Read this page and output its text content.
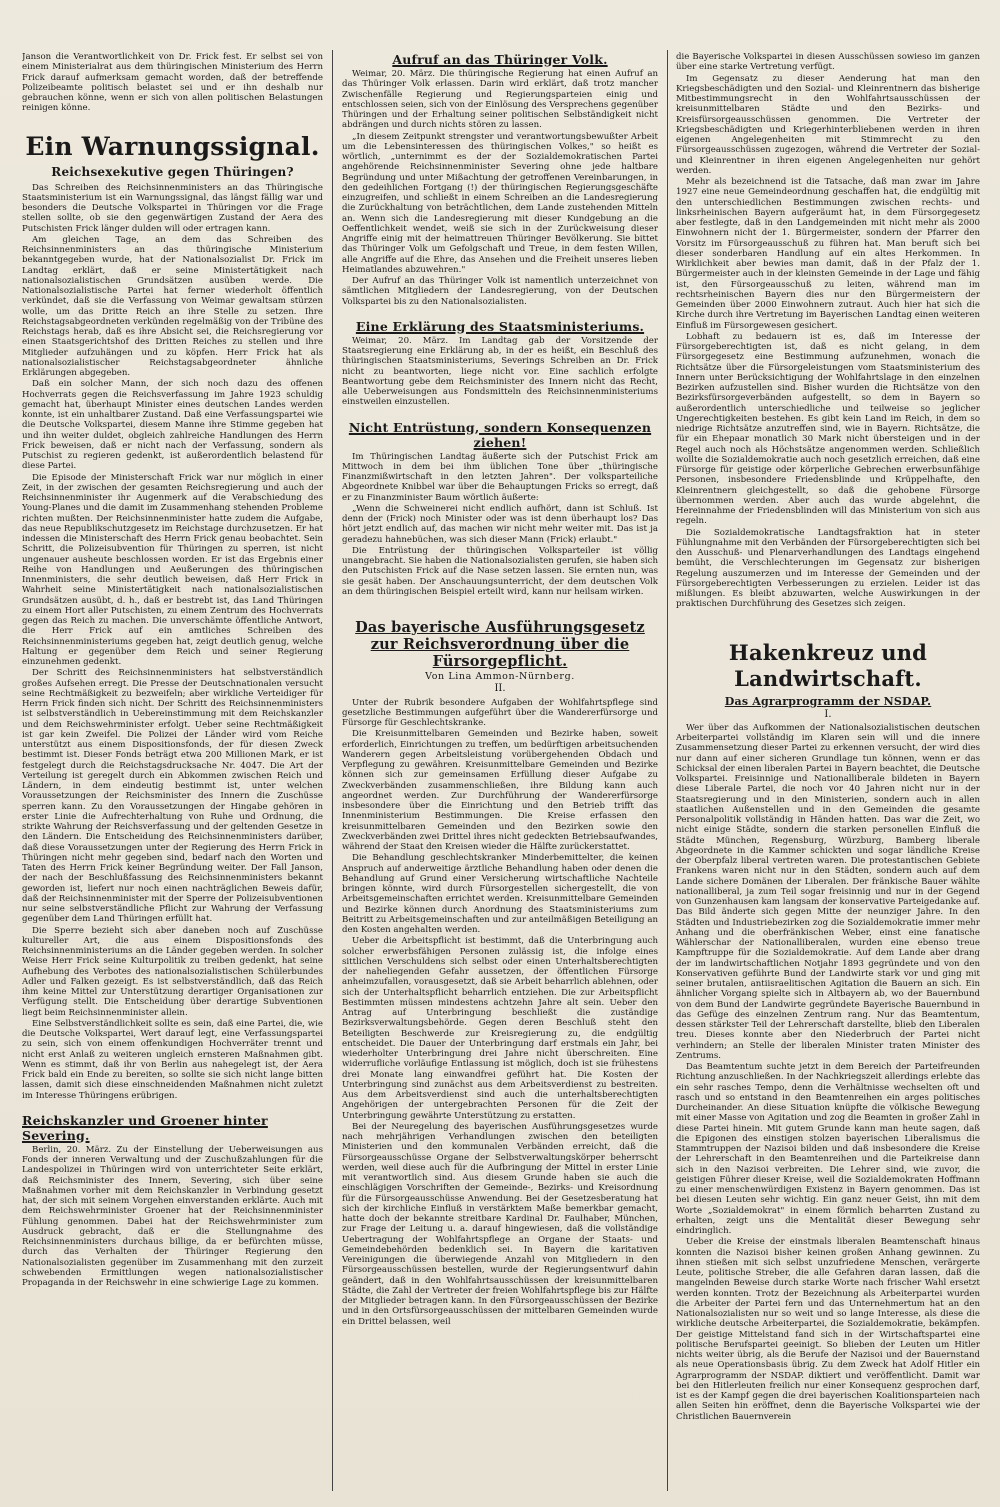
Janson die Verantwortlichkeit von Dr. Frick fest. Er selbst sei von einem Ministerialrat aus dem thüringischen Ministerium des Herrn Frick darauf aufmerksam gemacht worden, daß der betreffende Polizeibeamte politisch belastet sei und er ihn deshalb nur gebrauchen könne, wenn er sich von allen politischen Belastungen reinigen könne.

Ein Warnungssignal.
Reichsexekutive gegen Thüringen?

Das Schreiben des Reichsinnenministers an das Thüringische Staatsministerium ist ein Warnungssignal, das längst fällig war und besonders die Deutsche Volkspartei in Thüringen vor die Frage stellen sollte, ob sie den gegenwärtigen Zustand der Aera des Putschisten Frick länger dulden will oder ertragen kann.

Am gleichen Tage, an dem das Schreiben des Reichsinnenministers an das thüringische Ministerium bekanntgegeben wurde, hat der Nationalsozialist Dr. Frick im Landtag erklärt, daß er seine Ministertätigkeit nach nationalsozialistischen Grundsätzen ausüben werde. Die Nationalsozialistische Partei hat ferner wiederholt öffentlich verkündet, daß sie die Verfassung von Weimar gewaltsam stürzen wolle, um das Dritte Reich an ihre Stelle zu setzen. Ihre Reichstagsabgeordneten verkünden regelmäßig von der Tribüne des Reichstags herab, daß es ihre Absicht sei, die Reichsregierung vor einen Staatsgerichtshof des Dritten Reiches zu stellen und ihre Mitglieder aufzuhängen und zu köpfen. Herr Frick hat als nationalsozialistischer Reichstagsabgeordneter ähnliche Erklärungen abgegeben.

Daß ein solcher Mann, der sich noch dazu des offenen Hochverrats gegen die Reichsverfassung im Jahre 1923 schuldig gemacht hat, überhaupt Minister eines deutschen Landes werden konnte, ist ein unhaltbarer Zustand. Daß eine Verfassungspartei wie die Deutsche Volkspartei, diesem Manne ihre Stimme gegeben hat und ihn weiter duldet, obgleich zahlreiche Handlungen des Herrn Frick beweisen, daß er nicht nach der Verfassung, sondern als Putschist zu regieren gedenkt, ist außerordentlich belastend für diese Partei.

Die Episode der Ministerschaft Frick war nur möglich in einer Zeit, in der zwischen der gesamten Reichsregierung und auch der Reichsinnenminister ihr Augenmerk auf die Verabschiedung des Young-Planes und die damit im Zusammenhang stehenden Probleme richten mußten. Der Reichsinnenminister hatte zudem die Aufgabe, das neue Republikschutzgesetz im Reichstage durchzusetzen. Er hat indessen die Ministerschaft des Herrn Frick genau beobachtet. Sein Schritt, die Polizeisubvention für Thüringen zu sperren, ist nicht ungenauer ausheute beschlossen worden. Er ist das Ergebnis einer Reihe von Handlungen und Aeußerungen des thüringischen Innenministers, die sehr deutlich beweisen, daß Herr Frick in Wahrheit seine Ministertätigkeit nach nationalsozialistischen Grundsätzen ausübt, d. h., daß er bestrebt ist, das Land Thüringen zu einem Hort aller Putschisten, zu einem Zentrum des Hochverrats gegen das Reich zu machen. Die unverschämte öffentliche Antwort, die Herr Frick auf ein amtliches Schreiben des Reichsinnenministeriums gegeben hat, zeigt deutlich genug, welche Haltung er gegenüber dem Reich und seiner Regierung einzunehmen gedenkt.

Der Schritt des Reichsinnenministers hat selbstverständlich großes Aufsehen erregt. Die Presse der Deutschnationalen versucht seine Rechtmäßigkeit zu bezweifeln; aber wirkliche Verteidiger für Herrn Frick finden sich nicht. Der Schritt des Reichsinnenministers ist selbstverständlich in Uebereinstimmung mit dem Reichskanzler und dem Reichswehrminister erfolgt. Ueber seine Rechtmäßigkeit ist gar kein Zweifel. Die Polizei der Länder wird vom Reiche unterstützt aus einem Dispositionsfonds, der für diesen Zweck bestimmt ist. Dieser Fonds beträgt etwa 200 Millionen Mark, er ist festgelegt durch die Reichstagsdrucksache Nr. 4047. Die Art der Verteilung ist geregelt durch ein Abkommen zwischen Reich und Ländern, in dem eindeutig bestimmt ist, unter welchen Voraussetzungen der Reichsminister des Innern die Zuschüsse sperren kann. Zu den Voraussetzungen der Hingabe gehören in erster Linie die Aufrechterhaltung von Ruhe und Ordnung, die strikte Wahrung der Reichsverfassung und der geltenden Gesetze in den Ländern. Die Entscheidung des Reichsinnenministers darüber, daß diese Voraussetzungen unter der Regierung des Herrn Frick in Thüringen nicht mehr gegeben sind, bedarf nach den Worten und Taten des Herrn Frick keiner Begründung weiter. Der Fall Janson, der nach der Beschlußfassung des Reichsinnenministers bekannt geworden ist, liefert nur noch einen nachträglichen Beweis dafür, daß der Reichsinnenminister mit der Sperre der Polizeisubventionen nur seine selbstverständliche Pflicht zur Wahrung der Verfassung gegenüber dem Land Thüringen erfüllt hat.

Die Sperre bezieht sich aber daneben noch auf Zuschüsse kultureller Art, die aus einem Dispositionsfonds des Reichsinnenministeriums an die Länder gegeben werden. In solcher Weise Herr Frick seine Kulturpolitik zu treiben gedenkt, hat seine Aufhebung des Verbotes des nationalsozialistischen Schülerbundes Adler und Falken gezeigt. Es ist selbstverständlich, daß das Reich ihm keine Mittel zur Unterstützung derartiger Organisationen zur Verfügung stellt. Die Entscheidung über derartige Subventionen liegt beim Reichsinnenminister allein.

Eine Selbstverständlichkeit sollte es sein, daß eine Partei, die, wie die Deutsche Volkspartei, Wert darauf legt, eine Verfassungspartei zu sein, sich von einem offenkundigen Hochverräter trennt und nicht erst Anlaß zu weiteren ungleich ernsteren Maßnahmen gibt. Wenn es stimmt, daß ihr von Berlin aus nahegelegt ist, der Aera Frick bald ein Ende zu bereiten, so sollte sie sich nicht lange bitten lassen, damit sich diese einschneidenden Maßnahmen nicht zuletzt im Interesse Thüringens erübrigen.

Reichskanzler und Groener hinter Severing.

Berlin, 20. März. Zu der Einstellung der Ueberweisungen aus Fonds der inneren Verwaltung und der Zuschußzahlungen für die Landespolizei in Thüringen wird von unterrichteter Seite erklärt, daß Reichsminister des Innern, Severing, sich über seine Maßnahmen vorher mit dem Reichskanzler in Verbindung gesetzt hat, der sich mit seinem Vorgehen einverstanden erklärte. Auch mit dem Reichswehrminister Groener hat der Reichsinnenminister Fühlung genommen. Dabei hat der Reichswehrminister zum Ausdruck gebracht, daß er die Stellungnahme des Reichsinnenministers durchaus billige, da er befürchten müsse, durch das Verhalten der Thüringer Regierung den Nationalsozialisten gegenüber im Zusammenhang mit den zurzeit schwebenden Ermittlungen wegen nationalsozialistischer Propaganda in der Reichswehr in eine schwierige Lage zu kommen.

Aufruf an das Thüringer Volk.

Weimar, 20. März. Die thüringische Regierung hat einen Aufruf an das Thüringer Volk erlassen. Darin wird erklärt, daß trotz mancher Zwischenfälle Regierung und Regierungsparteien einig und entschlossen seien, sich von der Einlösung des Versprechens gegenüber Thüringen und der Erhaltung seiner politischen Selbständigkeit nicht abdrängen und durch nichts stören zu lassen.

„In diesem Zeitpunkt strengster und verantwortungsbewußter Arbeit um die Lebensinteressen des thüringischen Volkes," so heißt es wörtlich, „unternimmt es der der Sozialdemokratischen Partei angehörende Reichsinnenminister Severing ohne jede haltbare Begründung und unter Mißachtung der getroffenen Vereinbarungen, in den gedeihlichen Fortgang (!) der thüringischen Regierungsgeschäfte einzugreifen, und schließt in einem Schreiben an die Landesregierung die Zurückhaltung von beträchtlichen, dem Lande zustehenden Mitteln an. Wenn sich die Landesregierung mit dieser Kundgebung an die Oeffentlichkeit wendet, weiß sie sich in der Zurückweisung dieser Angriffe einig mit der heimattreuen Thüringer Bevölkerung. Sie bittet das Thüringer Volk um Gefolgschaft und Treue, in dem festen Willen, alle Angriffe auf die Ehre, das Ansehen und die Freiheit unseres lieben Heimatlandes abzuwehren."

Der Aufruf an das Thüringer Volk ist namentlich unterzeichnet von sämtlichen Mitgliedern der Landesregierung, von der Deutschen Volkspartei bis zu den Nationalsozialisten.

Eine Erklärung des Staatsministeriums.

Weimar, 20. März. Im Landtag gab der Vorsitzende der Staatsregierung eine Erklärung ab, in der es heißt, ein Beschluß des thüringischen Staatsministeriums, Severings Schreiben an Dr. Frick nicht zu beantworten, liege nicht vor. Eine sachlich erfolgte Beantwortung gebe dem Reichsminister des Innern nicht das Recht, alle Ueberweisungen aus Fondsmitteln des Reichsinnenministeriums einstweilen einzustellen.

Nicht Entrüstung, sondern Konsequenzen ziehen!

Im Thüringischen Landtag äußerte sich der Putschist Frick am Mittwoch in dem bei ihm üblichen Tone über „thüringische Finanzmißwirtschaft in den letzten Jahren". Der volksparteiliche Abgeordnete Knibbel war über die Behauptungen Fricks so erregt, daß er zu Finanzminister Baum wörtlich äußerte:

„Wenn die Schweinerei nicht endlich aufhört, dann ist Schluß. Ist denn der (Frick) noch Minister oder was ist denn überhaupt los? Das hört jetzt endlich auf, das machen wir nicht mehr weiter mit. Das ist ja geradezu hahnebüchen, was sich dieser Mann (Frick) erlaubt."

Die Entrüstung der thüringischen Volksparteiler ist völlig unangebracht. Sie haben die Nationalsozialisten gerufen, sie haben sich den Putschisten Frick auf die Nase setzen lassen. Sie ernten nun, was sie gesät haben. Der Anschauungsunterricht, der dem deutschen Volk an dem thüringischen Beispiel erteilt wird, kann nur heilsam wirken.

Das bayerische Ausführungsgesetz zur Reichsverordnung über die Fürsorgepflicht.
Von Lina Ammon-Nürnberg.
II.

Unter der Rubrik besondere Aufgaben der Wohlfahrtspflege sind gesetzliche Bestimmungen aufgeführt über die Wandererfürsorge und Fürsorge für Geschlechtskranke.

Die Kreisunmittelbaren Gemeinden und Bezirke haben, soweit erforderlich, Einrichtungen zu treffen, um bedürftigen arbeitsuchenden Wanderern gegen Arbeitsleistung vorübergehenden Obdach und Verpflegung zu gewähren. Kreisunmittelbare Gemeinden und Bezirke können sich zur gemeinsamen Erfüllung dieser Aufgabe zu Zweckverbänden zusammenschließen, ihre Bildung kann auch angeordnet werden. Zur Durchführung der Wandererfürsorge insbesondere über die Einrichtung und den Betrieb trifft das Innenministerium Bestimmungen. Die Kreise erfassen den kreisunmittelbaren Gemeinden und den Bezirken sowie den Zweckverbänden zwei Drittel ihres nicht gedeckten Betriebsaufwandes, während der Staat den Kreisen wieder die Hälfte zurückerstattet.

Die Behandlung geschlechtskranker Minderbemittelter, die keinen Anspruch auf anderweitige ärztliche Behandlung haben oder denen die Behandlung auf Grund einer Versicherung wirtschaftliche Nachteile bringen könnte, wird durch Fürsorgestellen sichergestellt, die von Arbeitsgemeinschaften errichtet werden. Kreisunmittelbare Gemeinden und Bezirke können durch Anordnung des Staatsministeriums zum Beitritt zu Arbeitsgemeinschaften und zur anteilmäßigen Beteiligung an den Kosten angehalten werden.

Ueber die Arbeitspflicht ist bestimmt, daß die Unterbringung auch solcher erwerbsfähigen Personen zulässig ist, die infolge eines sittlichen Verschuldens sich selbst oder einen Unterhaltsberechtigten der naheliegenden Gefahr aussetzen, der öffentlichen Fürsorge anheimzufallen, vorausgesetzt, daß sie Arbeit beharrlich ablehnen, oder sich der Unterhaltspflicht beharrlich entziehen. Die zur Arbeitspflicht Bestimmten müssen mindestens achtzehn Jahre alt sein. Ueber den Antrag auf Unterbringung beschließt die zuständige Bezirksverwaltungsbehörde. Gegen deren Beschluß steht den Beteiligten Beschwerde zur Kreisregierung zu, die endgültig entscheidet. Die Dauer der Unterbringung darf erstmals ein Jahr, bei wiederholter Unterbringung drei Jahre nicht überschreiten. Eine widerrufliche vorläufige Entlassung ist möglich, doch ist sie frühestens drei Monate lang einwandfrei geführt hat. Die Kosten der Unterbringung sind zunächst aus dem Arbeitsverdienst zu bestreiten. Aus dem Arbeitsverdienst sind auch die unterhaltsberechtigten Angehörigen der untergebrachten Personen für die Zeit der Unterbringung gewährte Unterstützung zu erstatten.

Bei der Neuregelung des bayerischen Ausführungsgesetzes wurde nach mehrjährigen Verhandlungen zwischen den beteiligten Ministerien und den kommunalen Verbänden erreicht, daß die Fürsorgeausschüsse Organe der Selbstverwaltungskörper beherrscht werden, weil diese auch für die Aufbringung der Mittel in erster Linie mit verantwortlich sind. Aus diesem Grunde haben sie auch die einschlägigen Vorschriften der Gemeinde-, Bezirks- und Kreisordnung für die Fürsorgeausschüsse Anwendung. Bei der Gesetzesberatung hat sich der kirchliche Einfluß in verstärktem Maße bemerkbar gemacht, hatte doch der bekannte streitbare Kardinal Dr. Faulhaber, München, zur Frage der Leitung u. a. darauf hingewiesen, daß die vollständige Uebertragung der Wohlfahrtspflege an Organe der Staats- und Gemeindebehörden bedenklich sei. In Bayern die karitativen Vereinigungen die überwiegende Anzahl von Mitgliedern in den Fürsorgeausschüssen bestellen, wurde der Regierungsentwurf dahin geändert, daß in den Wohlfahrtsausschüssen der kreisunmittelbaren Städte, die Zahl der Vertreter der freien Wohlfahrtspflege bis zur Hälfte der Mitglieder betragen kann. In den Fürsorgeausschüssen der Bezirke und in den Ortsfürsorgeausschüssen der mittelbaren Gemeinden wurde ein Drittel belassen, weil

die Bayerische Volkspartei in diesen Ausschüssen sowieso im ganzen über eine starke Vertretung verfügt.

Im Gegensatz zu dieser Aenderung hat man den Kriegsbeschädigten und den Sozial- und Kleinrentnern das bisherige Mitbestimmungsrecht in den Wohlfahrtsausschüssen der kreisunmittelbaren Städte und den Bezirks- und Kreisfürsorgeausschüssen genommen. Die Vertreter der Kriegsbeschädigten und Kriegerhinterbliebenen werden in ihren eigenen Angelegenheiten mit Stimmrecht zu den Fürsorgeausschüssen zugezogen, während die Vertreter der Sozial- und Kleinrentner in ihren eigenen Angelegenheiten nur gehört werden.

Mehr als bezeichnend ist die Tatsache, daß man zwar im Jahre 1927 eine neue Gemeindeordnung geschaffen hat, die endgültig mit den unterschiedlichen Bestimmungen zwischen rechts- und linksrheinischen Bayern aufgeräumt hat, in dem Fürsorgegesetz aber festlegte, daß in den Landgemeinden mit nicht mehr als 2000 Einwohnern nicht der 1. Bürgermeister, sondern der Pfarrer den Vorsitz im Fürsorgeausschuß zu führen hat. Man beruft sich bei dieser sonderbaren Handlung auf ein altes Herkommen. In Wirklichkeit aber bewies man damit, daß in der Pfalz der 1. Bürgermeister auch in der kleinsten Gemeinde in der Lage und fähig ist, den Fürsorgeausschuß zu leiten, während man im rechtsrheinischen Bayern dies nur den Bürgermeistern der Gemeinden über 2000 Einwohnern zutraut. Auch hier hat sich die Kirche durch ihre Vertretung im Bayerischen Landtag einen weiteren Einfluß im Fürsorgewesen gesichert.

Lobhaft zu bedauern ist es, daß im Interesse der Fürsorgeberechtigten ist, daß es nicht gelang, in dem Fürsorgegesetz eine Bestimmung aufzunehmen, wonach die Richtsätze über die Fürsorgeleistungen vom Staatsministerium des Innern unter Berücksichtigung der Wohlfahrtslage in den einzelnen Bezirken aufzustellen sind. Bisher wurden die Richtsätze von den Bezirksfürsorgeverbänden aufgestellt, so dem in Bayern so außerordentlich unterschiedliche und teilweise so jeglicher Ungerechtigkeiten bestehen. Es gibt kein Land im Reich, in dem so niedrige Richtsätze anzutreffen sind, wie in Bayern. Richtsätze, die für ein Ehepaar monatlich 30 Mark nicht übersteigen und in der Regel auch noch als Höchstsätze angenommen werden. Schließlich wollte die Sozialdemokratie auch noch gesetzlich erreichen, daß eine Fürsorge für geistige oder körperliche Gebrechen erwerbsunfähige Personen, insbesondere Friedensblinde und Krüppelhafte, den Kleinrentnern gleichgestellt, so daß die gehobene Fürsorge übernommen werden. Aber auch das wurde abgelehnt, die Hereinnahme der Friedensblinden will das Ministerium von sich aus regeln.

Die Sozialdemokratische Landtagsfraktion hat in steter Fühlungnahme mit den Verbänden der Fürsorgeberechtigten sich bei den Ausschuß- und Plenarverhandlungen des Landtags eingehend bemüht, die Verschlechterungen im Gegensatz zur bisherigen Regelung auszumerzen und im Interesse der Gemeinden und der Fürsorgeberechtigten Verbesserungen zu erzielen. Leider ist das mißlungen. Es bleibt abzuwarten, welche Auswirkungen in der praktischen Durchführung des Gesetzes sich zeigen.

Hakenkreuz und Landwirtschaft.
Das Agrarprogramm der NSDAP.
I.

Wer über das Aufkommen der Nationalsozialistischen deutschen Arbeiterpartei vollständig im Klaren sein will und die innere Zusammensetzung dieser Partei zu erkennen versucht, der wird dies nur dann auf einer sicheren Grundlage tun können, wenn er das Schicksal der einen liberalen Partei in Bayern beachtet, die Deutsche Volkspartei. Freisinnige und Nationalliberale bildeten in Bayern diese Liberale Partei, die noch vor 40 Jahren nicht nur in der Staatsregierung und in den Ministerien, sondern auch in allen staatlichen Außenstellen und in den Gemeinden die gesamte Personalpolitik vollständig in Händen hatten. Das war die Zeit, wo nicht einige Städte, sondern die starken personellen Einfluß die Städte München, Regensburg, Würzburg, Bamberg liberale Abgeordnete in die Kammer schickten und sogar ländliche Kreise der Oberpfalz liberal vertreten waren. Die protestantischen Gebiete Frankens waren nicht nur in den Städten, sondern auch auf dem Lande sichere Domänen der Liberalen. Der fränkische Bauer wählte nationalliberal, ja zum Teil sogar freisinnig und nur in der Gegend von Gunzenhausen kam langsam der konservative Parteigedanke auf. Das Bild änderte sich gegen Mitte der neunziger Jahre. In den Städten und Industriebezirken zog die Sozialdemokratie immer mehr Anhang und die oberfränkischen Weber, einst eine fanatische Wählerschar der Nationalliberalen, wurden eine ebenso treue Kampftruppe für die Sozialdemokratie. Auf dem Lande aber drang der im landwirtschaftlichen Notjahr 1893 gegründete und von den Konservativen geführte Bund der Landwirte stark vor und ging mit seiner brutalen, antiisraelitischen Agitation die Bauern an sich. Ein ähnlicher Vorgang spielte sich in Altbayern ab, wo der Bauernbund von dem Bund der Landwirte gegründete Bayerische Bauernbund in das Gefüge des einzelnen Zentrum rang. Nur das Beamtentum, dessen stärkster Teil der Lehrerschaft darstellte, blieb den Liberalen treu. Dieses konnte aber den Niederbruch der Partei nicht verhindern; an Stelle der liberalen Minister traten Minister des Zentrums.

Das Beamtentum suchte jetzt in dem Bereich der Parteifreunden Richtung anzuschließen. In der Nachkriegszeit allerdings erlebte das ein sehr rasches Tempo, denn die Verhältnisse wechselten oft und rasch und so entstand in den Beamtenreihen ein arges politisches Durcheinander. An diese Situation knüpfte die völkische Bewegung mit einer Masse von Agitation und zog die Beamten in großer Zahl in diese Partei hinein. Mit gutem Grunde kann man heute sagen, daß die Epigonen des einstigen stolzen bayerischen Liberalismus die Stammtruppen der Nazisoi bilden und daß insbesondere die Kreise der Lehrerschaft in den Beamtenreihen und die Parteikreise dann sich in den Nazisoi verbreiten. Die Lehrer sind, wie zuvor, die geistigen Führer dieser Kreise, weil die Sozialdemokraten Hoffmann zu einer menschenwürdigen Existenz in Bayern genommen. Das ist bei diesen Leuten sehr wichtig. Ein ganz neuer Geist, ihn mit dem Worte „Sozialdemokrat" in einem förmlich beharrten Zustand zu erhalten, zeigt uns die Mentalität dieser Bewegung sehr eindringlich.

Ueber die Kreise der einstmals liberalen Beamtenschaft hinaus konnten die Nazisoi bisher keinen großen Anhang gewinnen. Zu ihnen stießen mit sich selbst unzufriedene Menschen, verärgerte Leute, politische Streber, die alle Gefahren daran lassen, daß die mangelnden Beweise durch starke Worte nach frischer Wahl ersetzt werden konnten. Trotz der Bezeichnung als Arbeiterpartei wurden die Arbeiter der Partei fern und das Unternehmertum hat an den Nationalsozialisten nur so weit und so lange Interesse, als diese die wirkliche deutsche Arbeiterpartei, die Sozialdemokratie, bekämpfen. Der geistige Mittelstand fand sich in der Wirtschaftspartei eine politische Berufspartei geeinigt. So blieben der Leuten um Hitler nichts weiter übrig, als die Berufe der Nazisoi und der Bauernstand als neue Operationsbasis übrig. Zu dem Zweck hat Adolf Hitler ein Agrarprogramm der NSDAP. diktiert und veröffentlicht. Damit war bei den Hitlerleuten freilich nur einer Konsequenz gesprochen darf, ist es der Kampf gegen die drei bayerischen Koalitionsparteien nach allen Seiten hin eröffnet, denn die Bayerische Volkspartei wie der Christlichen Bauernverein
